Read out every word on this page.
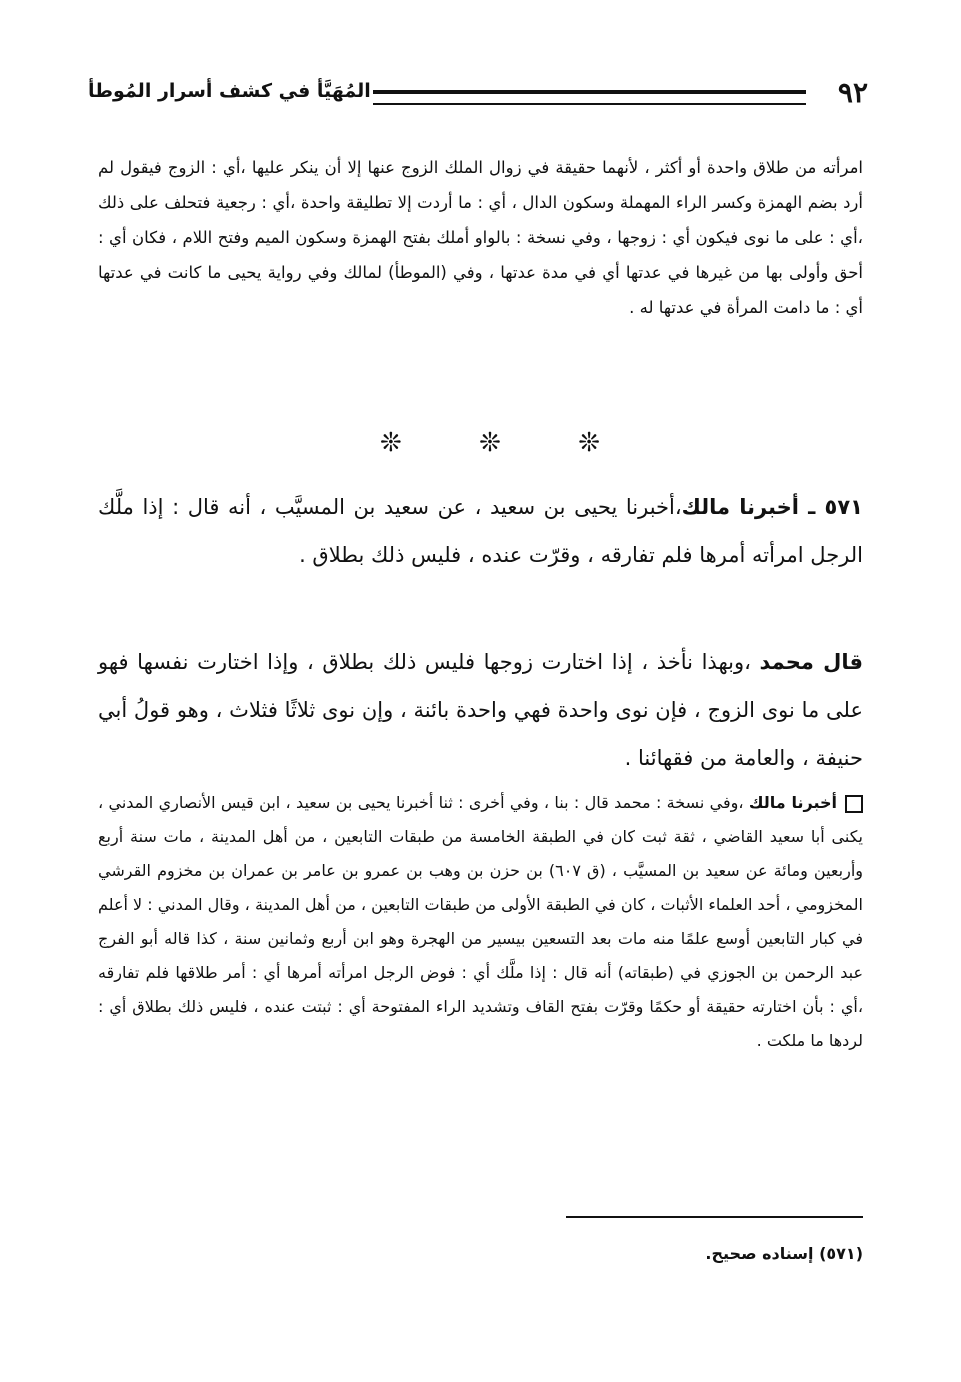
٩٢
المُهَيَّأ في كشف أسرار المُوطأ

امرأته من طلاق واحدة أو أكثر ، لأنهما حقيقة في زوال الملك الزوج عنها إلا أن ينكر عليها ،أي : الزوج فيقول لم أرد بضم الهمزة وكسر الراء المهملة وسكون الدال ، أي : ما أردت إلا تطليقة واحدة ،أي : رجعية فتحلف على ذلك ،أي : على ما نوى فيكون أي : زوجها ، وفي نسخة : بالواو أملك بفتح الهمزة وسكون الميم وفتح اللام ، فكان أي : أحق وأولى بها من غيرها في عدتها أي في مدة عدتها ، وفي (الموطأ) لمالك وفي رواية يحيى ما كانت في عدتها أي : ما دامت المرأة في عدتها له .

❊	❊	❊

٥٧١ ـ أخبرنا مالك،أخبرنا يحيى بن سعيد ، عن سعيد بن المسيَّب ، أنه قال : إذا ملَّك الرجل امرأته أمرها فلم تفارقه ، وقرّت عنده ، فليس ذلك بطلاق .

قال محمد ،وبهذا نأخذ ، إذا اختارت زوجها فليس ذلك بطلاق ، وإذا اختارت نفسها فهو على ما نوى الزوج ، فإن نوى واحدة فهي واحدة بائنة ، وإن نوى ثلاثًا فثلاث ، وهو قولُ أبي حنيفة ، والعامة من فقهائنا .

أخبرنا مالك ،وفي نسخة : محمد قال : بنا ، وفي أخرى : ثنا أخبرنا يحيى بن سعيد ، ابن قيس الأنصاري المدني ، يكنى أبا سعيد القاضي ، ثقة ثبت كان في الطبقة الخامسة من طبقات التابعين ، من أهل المدينة ، مات سنة أربع وأربعين ومائة عن سعيد بن المسيَّب ، (ق ٦٠٧) بن حزن بن وهب بن عمرو بن عامر بن عمران بن مخزوم القرشي المخزومي ، أحد العلماء الأثبات ، كان في الطبقة الأولى من طبقات التابعين ، من أهل المدينة ، وقال المدني : لا أعلم في كبار التابعين أوسع علمًا منه مات بعد التسعين بيسير من الهجرة وهو ابن أربع وثمانين سنة ، كذا قاله أبو الفرج عبد الرحمن بن الجوزي في (طبقاته) أنه قال : إذا ملَّك أي : فوض الرجل امرأته أمرها أي : أمر طلاقها فلم تفارقه ،أي : بأن اختارته حقيقة أو حكمًا وقرّت بفتح القاف وتشديد الراء المفتوحة أي : ثبتت عنده ، فليس ذلك بطلاق أي : لردها ما ملكت .

(٥٧١) إسناده صحيح.
